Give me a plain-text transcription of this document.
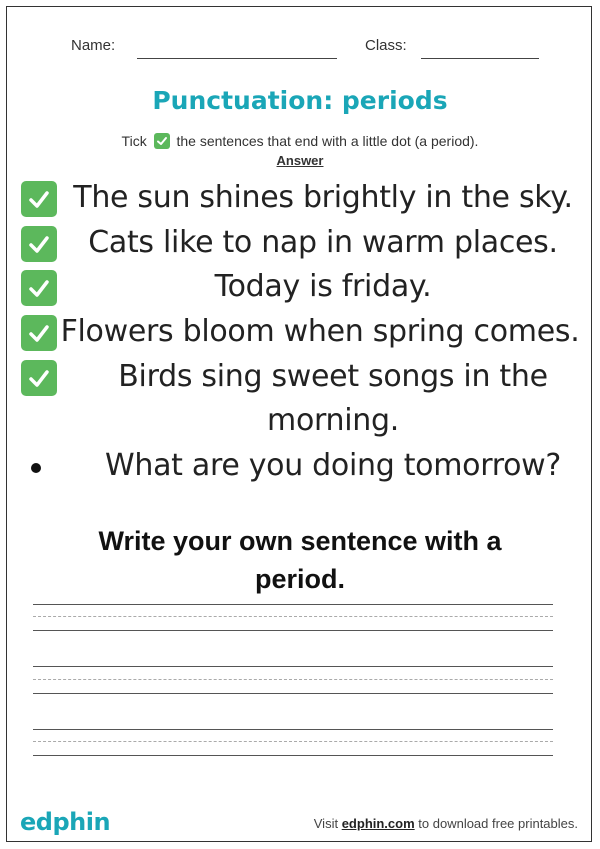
Name:	Class:
Punctuation: periods
Tick the sentences that end with a little dot (a period).
Answer
The sun shines brightly in the sky.
Cats like to nap in warm places.
Today is friday.
Flowers bloom when spring comes.
Birds sing sweet songs in the
morning.
What are you doing tomorrow?
Write your own sentence with a
period.
edphin	Visit edphin.com to download free printables.
